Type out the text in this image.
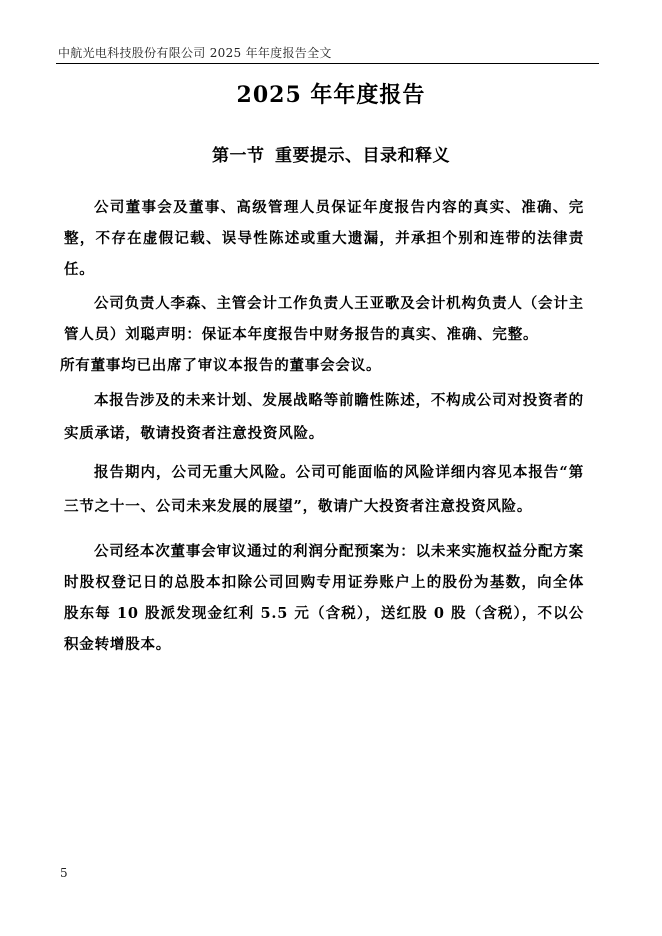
中航光电科技股份有限公司 2025 年年度报告全文
2025 年年度报告
第一节 重要提示、目录和释义

公司董事会及董事、高级管理人员保证年度报告内容的真实、准确、完整，不存在虚假记载、误导性陈述或重大遗漏，并承担个别和连带的法律责任。

公司负责人李森、主管会计工作负责人王亚歌及会计机构负责人（会计主管人员）刘聪声明：保证本年度报告中财务报告的真实、准确、完整。

所有董事均已出席了审议本报告的董事会会议。

本报告涉及的未来计划、发展战略等前瞻性陈述，不构成公司对投资者的实质承诺，敬请投资者注意投资风险。

报告期内，公司无重大风险。公司可能面临的风险详细内容见本报告“第三节之十一、公司未来发展的展望”，敬请广大投资者注意投资风险。

公司经本次董事会审议通过的利润分配预案为：以未来实施权益分配方案时股权登记日的总股本扣除公司回购专用证券账户上的股份为基数，向全体股东每 10 股派发现金红利 5.5 元（含税），送红股 0 股（含税），不以公积金转增股本。

5
